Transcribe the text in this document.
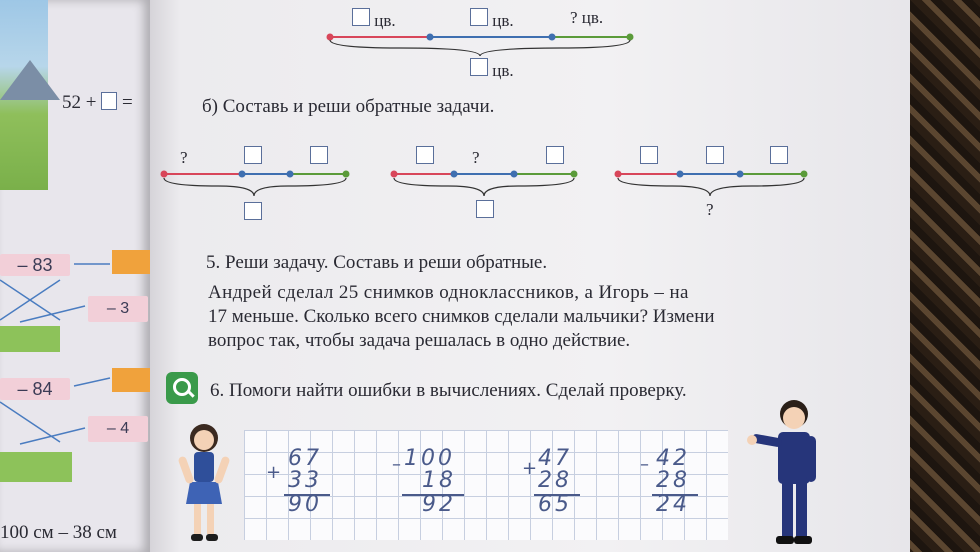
52 + =
– 83
– 3
– 84
– 4
100 см – 38 см
цв.	цв.	? цв.
цв.
б) Составь и реши обратные задачи.
?	?
?
5. Реши задачу. Составь и реши обратные.
Андрей сделал 25 снимков одноклассников, а Игорь – на
17 меньше. Сколько всего снимков сделали мальчики? Измени
вопрос так, чтобы задача решалась в одно действие.
6. Помоги найти ошибки в вычислениях. Сделай проверку.
+
67
33
90
– 100
18
92
+ 47
28
65
– 42
28
24
